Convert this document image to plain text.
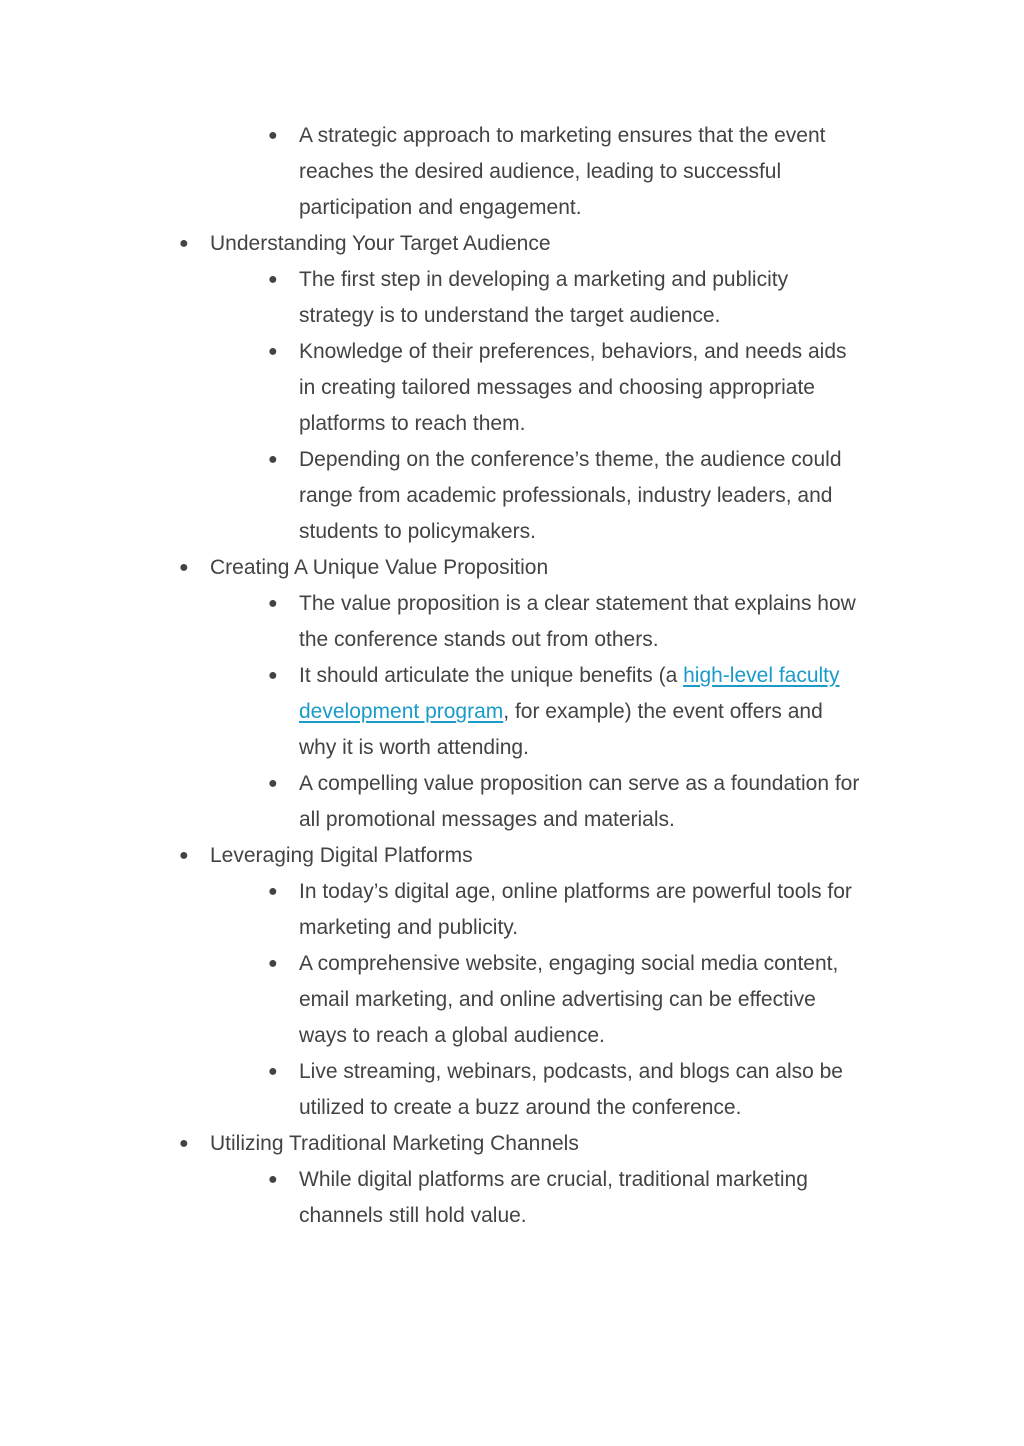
● A strategic approach to marketing ensures that the event
reaches the desired audience, leading to successful
participation and engagement.
● Understanding Your Target Audience
● The first step in developing a marketing and publicity
strategy is to understand the target audience.
● Knowledge of their preferences, behaviors, and needs aids
in creating tailored messages and choosing appropriate
platforms to reach them.
● Depending on the conference’s theme, the audience could
range from academic professionals, industry leaders, and
students to policymakers.
● Creating A Unique Value Proposition
● The value proposition is a clear statement that explains how
the conference stands out from others.
● It should articulate the unique benefits (a high-level faculty
development program, for example) the event offers and
why it is worth attending.
● A compelling value proposition can serve as a foundation for
all promotional messages and materials.
● Leveraging Digital Platforms
● In today’s digital age, online platforms are powerful tools for
marketing and publicity.
● A comprehensive website, engaging social media content,
email marketing, and online advertising can be effective
ways to reach a global audience.
● Live streaming, webinars, podcasts, and blogs can also be
utilized to create a buzz around the conference.
● Utilizing Traditional Marketing Channels
● While digital platforms are crucial, traditional marketing
channels still hold value.
